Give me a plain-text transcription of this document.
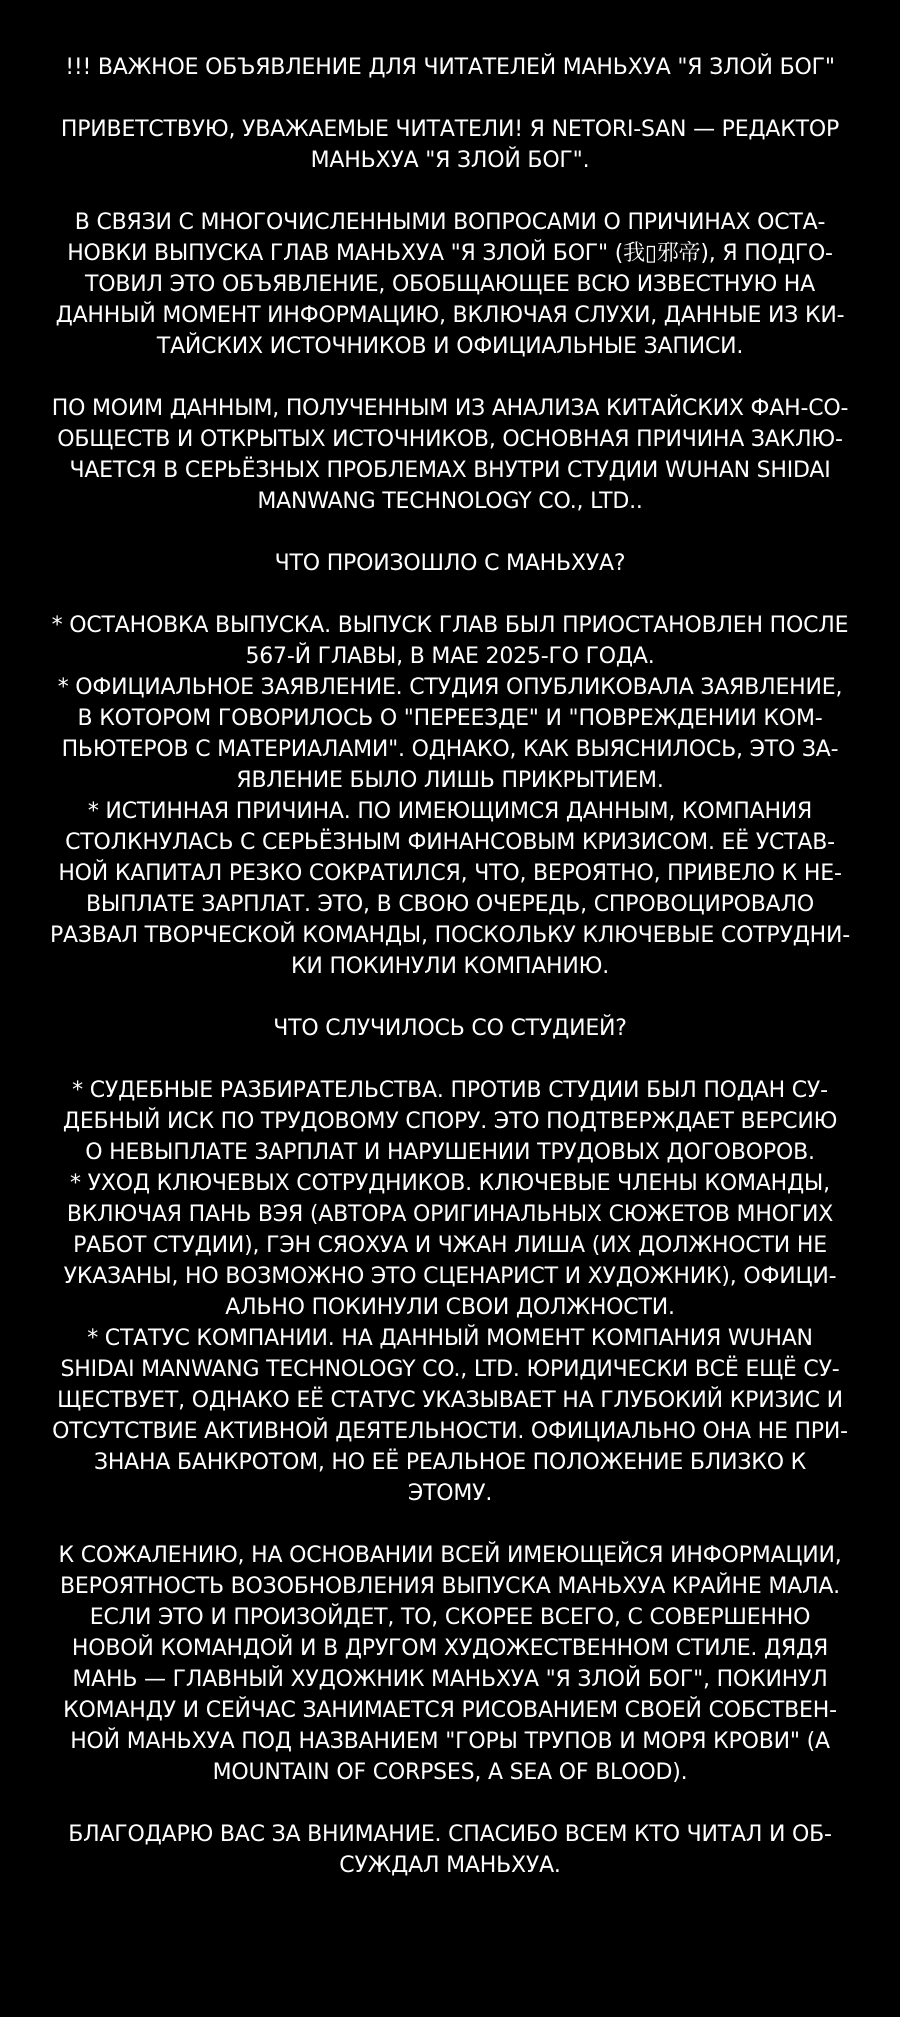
!!! ВАЖНОЕ ОБЪЯВЛЕНИЕ ДЛЯ ЧИТАТЕЛЕЙ МАНЬХУА "Я ЗЛОЙ БОГ"
ПРИВЕТСТВУЮ, УВАЖАЕМЫЕ ЧИТАТЕЛИ! Я NETORI-SAN — РЕДАКТОР
МАНЬХУА "Я ЗЛОЙ БОГ".
В СВЯЗИ С МНОГОЧИСЛЕННЫМИ ВОПРОСАМИ О ПРИЧИНАХ ОСТА-
НОВКИ ВЫПУСКА ГЛАВ МАНЬХУА "Я ЗЛОЙ БОГ" (我▯邪帝), Я ПОДГО-
ТОВИЛ ЭТО ОБЪЯВЛЕНИЕ, ОБОБЩАЮЩЕЕ ВСЮ ИЗВЕСТНУЮ НА
ДАННЫЙ МОМЕНТ ИНФОРМАЦИЮ, ВКЛЮЧАЯ СЛУХИ, ДАННЫЕ ИЗ КИ-
ТАЙСКИХ ИСТОЧНИКОВ И ОФИЦИАЛЬНЫЕ ЗАПИСИ.
ПО МОИМ ДАННЫМ, ПОЛУЧЕННЫМ ИЗ АНАЛИЗА КИТАЙСКИХ ФАН-СО-
ОБЩЕСТВ И ОТКРЫТЫХ ИСТОЧНИКОВ, ОСНОВНАЯ ПРИЧИНА ЗАКЛЮ-
ЧАЕТСЯ В СЕРЬЁЗНЫХ ПРОБЛЕМАХ ВНУТРИ СТУДИИ WUHAN SHIDAI
MANWANG TECHNOLOGY CO., LTD..
ЧТО ПРОИЗОШЛО С МАНЬХУА?
* ОСТАНОВКА ВЫПУСКА. ВЫПУСК ГЛАВ БЫЛ ПРИОСТАНОВЛЕН ПОСЛЕ
567-Й ГЛАВЫ, В МАЕ 2025-ГО ГОДА.
* ОФИЦИАЛЬНОЕ ЗАЯВЛЕНИЕ. СТУДИЯ ОПУБЛИКОВАЛА ЗАЯВЛЕНИЕ,
В КОТОРОМ ГОВОРИЛОСЬ О "ПЕРЕЕЗДЕ" И "ПОВРЕЖДЕНИИ КОМ-
ПЬЮТЕРОВ С МАТЕРИАЛАМИ". ОДНАКО, КАК ВЫЯСНИЛОСЬ, ЭТО ЗА-
ЯВЛЕНИЕ БЫЛО ЛИШЬ ПРИКРЫТИЕМ.
* ИСТИННАЯ ПРИЧИНА. ПО ИМЕЮЩИМСЯ ДАННЫМ, КОМПАНИЯ
СТОЛКНУЛАСЬ С СЕРЬЁЗНЫМ ФИНАНСОВЫМ КРИЗИСОМ. ЕЁ УСТАВ-
НОЙ КАПИТАЛ РЕЗКО СОКРАТИЛСЯ, ЧТО, ВЕРОЯТНО, ПРИВЕЛО К НЕ-
ВЫПЛАТЕ ЗАРПЛАТ. ЭТО, В СВОЮ ОЧЕРЕДЬ, СПРОВОЦИРОВАЛО
РАЗВАЛ ТВОРЧЕСКОЙ КОМАНДЫ, ПОСКОЛЬКУ КЛЮЧЕВЫЕ СОТРУДНИ-
КИ ПОКИНУЛИ КОМПАНИЮ.
ЧТО СЛУЧИЛОСЬ СО СТУДИЕЙ?
* СУДЕБНЫЕ РАЗБИРАТЕЛЬСТВА. ПРОТИВ СТУДИИ БЫЛ ПОДАН СУ-
ДЕБНЫЙ ИСК ПО ТРУДОВОМУ СПОРУ. ЭТО ПОДТВЕРЖДАЕТ ВЕРСИЮ
О НЕВЫПЛАТЕ ЗАРПЛАТ И НАРУШЕНИИ ТРУДОВЫХ ДОГОВОРОВ.
* УХОД КЛЮЧЕВЫХ СОТРУДНИКОВ. КЛЮЧЕВЫЕ ЧЛЕНЫ КОМАНДЫ,
ВКЛЮЧАЯ ПАНЬ ВЭЯ (АВТОРА ОРИГИНАЛЬНЫХ СЮЖЕТОВ МНОГИХ
РАБОТ СТУДИИ), ГЭН СЯОХУА И ЧЖАН ЛИША (ИХ ДОЛЖНОСТИ НЕ
УКАЗАНЫ, НО ВОЗМОЖНО ЭТО СЦЕНАРИСТ И ХУДОЖНИК), ОФИЦИ-
АЛЬНО ПОКИНУЛИ СВОИ ДОЛЖНОСТИ.
* СТАТУС КОМПАНИИ. НА ДАННЫЙ МОМЕНТ КОМПАНИЯ WUHAN
SHIDAI MANWANG TECHNOLOGY CO., LTD. ЮРИДИЧЕСКИ ВСЁ ЕЩЁ СУ-
ЩЕСТВУЕТ, ОДНАКО ЕЁ СТАТУС УКАЗЫВАЕТ НА ГЛУБОКИЙ КРИЗИС И
ОТСУТСТВИЕ АКТИВНОЙ ДЕЯТЕЛЬНОСТИ. ОФИЦИАЛЬНО ОНА НЕ ПРИ-
ЗНАНА БАНКРОТОМ, НО ЕЁ РЕАЛЬНОЕ ПОЛОЖЕНИЕ БЛИЗКО К
ЭТОМУ.
К СОЖАЛЕНИЮ, НА ОСНОВАНИИ ВСЕЙ ИМЕЮЩЕЙСЯ ИНФОРМАЦИИ,
ВЕРОЯТНОСТЬ ВОЗОБНОВЛЕНИЯ ВЫПУСКА МАНЬХУА КРАЙНЕ МАЛА.
ЕСЛИ ЭТО И ПРОИЗОЙДЕТ, ТО, СКОРЕЕ ВСЕГО, С СОВЕРШЕННО
НОВОЙ КОМАНДОЙ И В ДРУГОМ ХУДОЖЕСТВЕННОМ СТИЛЕ. ДЯДЯ
МАНЬ — ГЛАВНЫЙ ХУДОЖНИК МАНЬХУА "Я ЗЛОЙ БОГ", ПОКИНУЛ
КОМАНДУ И СЕЙЧАС ЗАНИМАЕТСЯ РИСОВАНИЕМ СВОЕЙ СОБСТВЕН-
НОЙ МАНЬХУА ПОД НАЗВАНИЕМ "ГОРЫ ТРУПОВ И МОРЯ КРОВИ" (A
MOUNTAIN OF CORPSES, A SEA OF BLOOD).
БЛАГОДАРЮ ВАС ЗА ВНИМАНИЕ. СПАСИБО ВСЕМ КТО ЧИТАЛ И ОБ-
СУЖДАЛ МАНЬХУА.
